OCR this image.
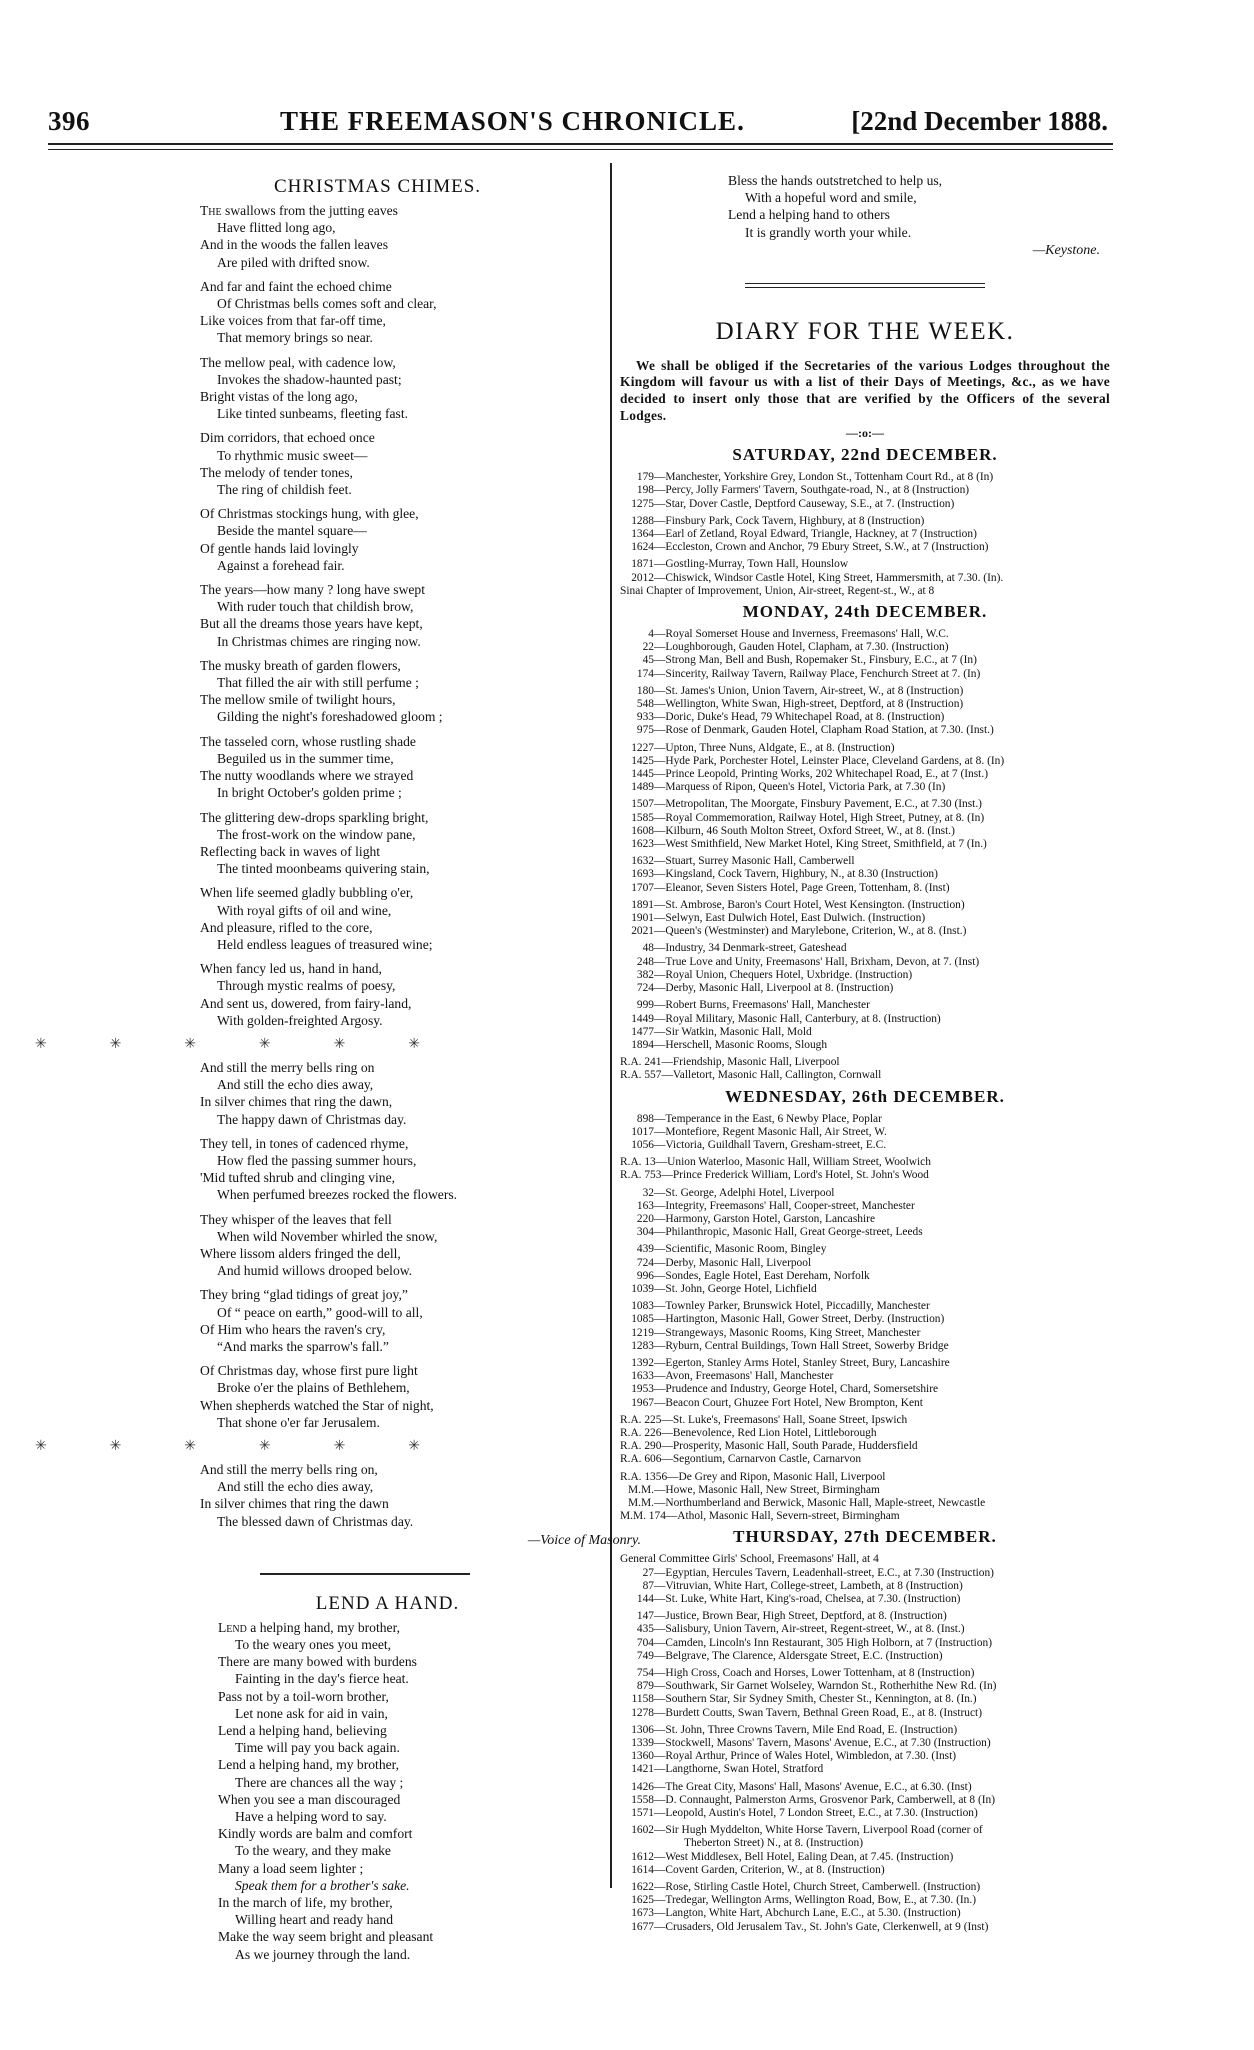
396	THE FREEMASON'S CHRONICLE.	[22nd December 1888.
CHRISTMAS CHIMES.
The swallows from the jutting eaves
Have flitted long ago,
And in the woods the fallen leaves
Are piled with drifted snow.
And far and faint the echoed chime
Of Christmas bells comes soft and clear,
Like voices from that far-off time,
That memory brings so near.
The mellow peal, with cadence low,
Invokes the shadow-haunted past;
Bright vistas of the long ago,
Like tinted sunbeams, fleeting fast.
Dim corridors, that echoed once
To rhythmic music sweet—
The melody of tender tones,
The ring of childish feet.
Of Christmas stockings hung, with glee,
Beside the mantel square—
Of gentle hands laid lovingly
Against a forehead fair.
The years—how many ? long have swept
With ruder touch that childish brow,
But all the dreams those years have kept,
In Christmas chimes are ringing now.
The musky breath of garden flowers,
That filled the air with still perfume ;
The mellow smile of twilight hours,
Gilding the night's foreshadowed gloom ;
The tasseled corn, whose rustling shade
Beguiled us in the summer time,
The nutty woodlands where we strayed
In bright October's golden prime ;
The glittering dew-drops sparkling bright,
The frost-work on the window pane,
Reflecting back in waves of light
The tinted moonbeams quivering stain,
When life seemed gladly bubbling o'er,
With royal gifts of oil and wine,
And pleasure, rifled to the core,
Held endless leagues of treasured wine;
When fancy led us, hand in hand,
Through mystic realms of poesy,
And sent us, dowered, from fairy-land,
With golden-freighted Argosy.
✳	✳	✳	✳	✳	✳
And still the merry bells ring on
And still the echo dies away,
In silver chimes that ring the dawn,
The happy dawn of Christmas day.
They tell, in tones of cadenced rhyme,
How fled the passing summer hours,
'Mid tufted shrub and clinging vine,
When perfumed breezes rocked the flowers.
They whisper of the leaves that fell
When wild November whirled the snow,
Where lissom alders fringed the dell,
And humid willows drooped below.
They bring “glad tidings of great joy,”
Of “ peace on earth,” good-will to all,
Of Him who hears the raven's cry,
“And marks the sparrow's fall.”
Of Christmas day, whose first pure light
Broke o'er the plains of Bethlehem,
When shepherds watched the Star of night,
That shone o'er far Jerusalem.
✳	✳	✳	✳	✳	✳
And still the merry bells ring on,
And still the echo dies away,
In silver chimes that ring the dawn
The blessed dawn of Christmas day.
—Voice of Masonry.
LEND A HAND.
Lend a helping hand, my brother,
To the weary ones you meet,
There are many bowed with burdens
Fainting in the day's fierce heat.
Pass not by a toil-worn brother,
Let none ask for aid in vain,
Lend a helping hand, believing
Time will pay you back again.
Lend a helping hand, my brother,
There are chances all the way ;
When you see a man discouraged
Have a helping word to say.
Kindly words are balm and comfort
To the weary, and they make
Many a load seem lighter ;
Speak them for a brother's sake.
In the march of life, my brother,
Willing heart and ready hand
Make the way seem bright and pleasant
As we journey through the land.
Bless the hands outstretched to help us,
With a hopeful word and smile,
Lend a helping hand to others
It is grandly worth your while.
—Keystone.
DIARY FOR THE WEEK.

We shall be obliged if the Secretaries of the various Lodges throughout the Kingdom will favour us with a list of their Days of Meetings, &c., as we have decided to insert only those that are verified by the Officers of the several Lodges.

—:o:—
SATURDAY, 22nd DECEMBER.
179—Manchester, Yorkshire Grey, London St., Tottenham Court Rd., at 8 (In)
198—Percy, Jolly Farmers' Tavern, Southgate-road, N., at 8 (Instruction)
1275—Star, Dover Castle, Deptford Causeway, S.E., at 7. (Instruction)
1288—Finsbury Park, Cock Tavern, Highbury, at 8 (Instruction)
1364—Earl of Zetland, Royal Edward, Triangle, Hackney, at 7 (Instruction)
1624—Eccleston, Crown and Anchor, 79 Ebury Street, S.W., at 7 (Instruction)
1871—Gostling-Murray, Town Hall, Hounslow
2012—Chiswick, Windsor Castle Hotel, King Street, Hammersmith, at 7.30. (In).
Sinai Chapter of Improvement, Union, Air-street, Regent-st., W., at 8
MONDAY, 24th DECEMBER.
4—Royal Somerset House and Inverness, Freemasons' Hall, W.C.
22—Loughborough, Gauden Hotel, Clapham, at 7.30. (Instruction)
45—Strong Man, Bell and Bush, Ropemaker St., Finsbury, E.C., at 7 (In)
174—Sincerity, Railway Tavern, Railway Place, Fenchurch Street at 7. (In)
180—St. James's Union, Union Tavern, Air-street, W., at 8 (Instruction)
548—Wellington, White Swan, High-street, Deptford, at 8 (Instruction)
933—Doric, Duke's Head, 79 Whitechapel Road, at 8. (Instruction)
975—Rose of Denmark, Gauden Hotel, Clapham Road Station, at 7.30. (Inst.)
1227—Upton, Three Nuns, Aldgate, E., at 8. (Instruction)
1425—Hyde Park, Porchester Hotel, Leinster Place, Cleveland Gardens, at 8. (In)
1445—Prince Leopold, Printing Works, 202 Whitechapel Road, E., at 7 (Inst.)
1489—Marquess of Ripon, Queen's Hotel, Victoria Park, at 7.30 (In)
1507—Metropolitan, The Moorgate, Finsbury Pavement, E.C., at 7.30 (Inst.)
1585—Royal Commemoration, Railway Hotel, High Street, Putney, at 8. (In)
1608—Kilburn, 46 South Molton Street, Oxford Street, W., at 8. (Inst.)
1623—West Smithfield, New Market Hotel, King Street, Smithfield, at 7 (In.)
1632—Stuart, Surrey Masonic Hall, Camberwell
1693—Kingsland, Cock Tavern, Highbury, N., at 8.30 (Instruction)
1707—Eleanor, Seven Sisters Hotel, Page Green, Tottenham, 8. (Inst)
1891—St. Ambrose, Baron's Court Hotel, West Kensington. (Instruction)
1901—Selwyn, East Dulwich Hotel, East Dulwich. (Instruction)
2021—Queen's (Westminster) and Marylebone, Criterion, W., at 8. (Inst.)
48—Industry, 34 Denmark-street, Gateshead
248—True Love and Unity, Freemasons' Hall, Brixham, Devon, at 7. (Inst)
382—Royal Union, Chequers Hotel, Uxbridge. (Instruction)
724—Derby, Masonic Hall, Liverpool at 8. (Instruction)
999—Robert Burns, Freemasons' Hall, Manchester
1449—Royal Military, Masonic Hall, Canterbury, at 8. (Instruction)
1477—Sir Watkin, Masonic Hall, Mold
1894—Herschell, Masonic Rooms, Slough
R.A. 241—Friendship, Masonic Hall, Liverpool
R.A. 557—Valletort, Masonic Hall, Callington, Cornwall
WEDNESDAY, 26th DECEMBER.
898—Temperance in the East, 6 Newby Place, Poplar
1017—Montefiore, Regent Masonic Hall, Air Street, W.
1056—Victoria, Guildhall Tavern, Gresham-street, E.C.
R.A. 13—Union Waterloo, Masonic Hall, William Street, Woolwich
R.A. 753—Prince Frederick William, Lord's Hotel, St. John's Wood
32—St. George, Adelphi Hotel, Liverpool
163—Integrity, Freemasons' Hall, Cooper-street, Manchester
220—Harmony, Garston Hotel, Garston, Lancashire
304—Philanthropic, Masonic Hall, Great George-street, Leeds
439—Scientific, Masonic Room, Bingley
724—Derby, Masonic Hall, Liverpool
996—Sondes, Eagle Hotel, East Dereham, Norfolk
1039—St. John, George Hotel, Lichfield
1083—Townley Parker, Brunswick Hotel, Piccadilly, Manchester
1085—Hartington, Masonic Hall, Gower Street, Derby. (Instruction)
1219—Strangeways, Masonic Rooms, King Street, Manchester
1283—Ryburn, Central Buildings, Town Hall Street, Sowerby Bridge
1392—Egerton, Stanley Arms Hotel, Stanley Street, Bury, Lancashire
1633—Avon, Freemasons' Hall, Manchester
1953—Prudence and Industry, George Hotel, Chard, Somersetshire
1967—Beacon Court, Ghuzee Fort Hotel, New Brompton, Kent
R.A. 225—St. Luke's, Freemasons' Hall, Soane Street, Ipswich
R.A. 226—Benevolence, Red Lion Hotel, Littleborough
R.A. 290—Prosperity, Masonic Hall, South Parade, Huddersfield
R.A. 606—Segontium, Carnarvon Castle, Carnarvon
R.A. 1356—De Grey and Ripon, Masonic Hall, Liverpool
M.M.—Howe, Masonic Hall, New Street, Birmingham
M.M.—Northumberland and Berwick, Masonic Hall, Maple-street, Newcastle
M.M. 174—Athol, Masonic Hall, Severn-street, Birmingham
THURSDAY, 27th DECEMBER.
General Committee Girls' School, Freemasons' Hall, at 4
27—Egyptian, Hercules Tavern, Leadenhall-street, E.C., at 7.30 (Instruction)
87—Vitruvian, White Hart, College-street, Lambeth, at 8 (Instruction)
144—St. Luke, White Hart, King's-road, Chelsea, at 7.30. (Instruction)
147—Justice, Brown Bear, High Street, Deptford, at 8. (Instruction)
435—Salisbury, Union Tavern, Air-street, Regent-street, W., at 8. (Inst.)
704—Camden, Lincoln's Inn Restaurant, 305 High Holborn, at 7 (Instruction)
749—Belgrave, The Clarence, Aldersgate Street, E.C. (Instruction)
754—High Cross, Coach and Horses, Lower Tottenham, at 8 (Instruction)
879—Southwark, Sir Garnet Wolseley, Warndon St., Rotherhithe New Rd. (In)
1158—Southern Star, Sir Sydney Smith, Chester St., Kennington, at 8. (In.)
1278—Burdett Coutts, Swan Tavern, Bethnal Green Road, E., at 8. (Instruct)
1306—St. John, Three Crowns Tavern, Mile End Road, E. (Instruction)
1339—Stockwell, Masons' Tavern, Masons' Avenue, E.C., at 7.30 (Instruction)
1360—Royal Arthur, Prince of Wales Hotel, Wimbledon, at 7.30. (Inst)
1421—Langthorne, Swan Hotel, Stratford
1426—The Great City, Masons' Hall, Masons' Avenue, E.C., at 6.30. (Inst)
1558—D. Connaught, Palmerston Arms, Grosvenor Park, Camberwell, at 8 (In)
1571—Leopold, Austin's Hotel, 7 London Street, E.C., at 7.30. (Instruction)
1602—Sir Hugh Myddelton, White Horse Tavern, Liverpool Road (corner of
Theberton Street) N., at 8. (Instruction)
1612—West Middlesex, Bell Hotel, Ealing Dean, at 7.45. (Instruction)
1614—Covent Garden, Criterion, W., at 8. (Instruction)
1622—Rose, Stirling Castle Hotel, Church Street, Camberwell. (Instruction)
1625—Tredegar, Wellington Arms, Wellington Road, Bow, E., at 7.30. (In.)
1673—Langton, White Hart, Abchurch Lane, E.C., at 5.30. (Instruction)
1677—Crusaders, Old Jerusalem Tav., St. John's Gate, Clerkenwell, at 9 (Inst)
